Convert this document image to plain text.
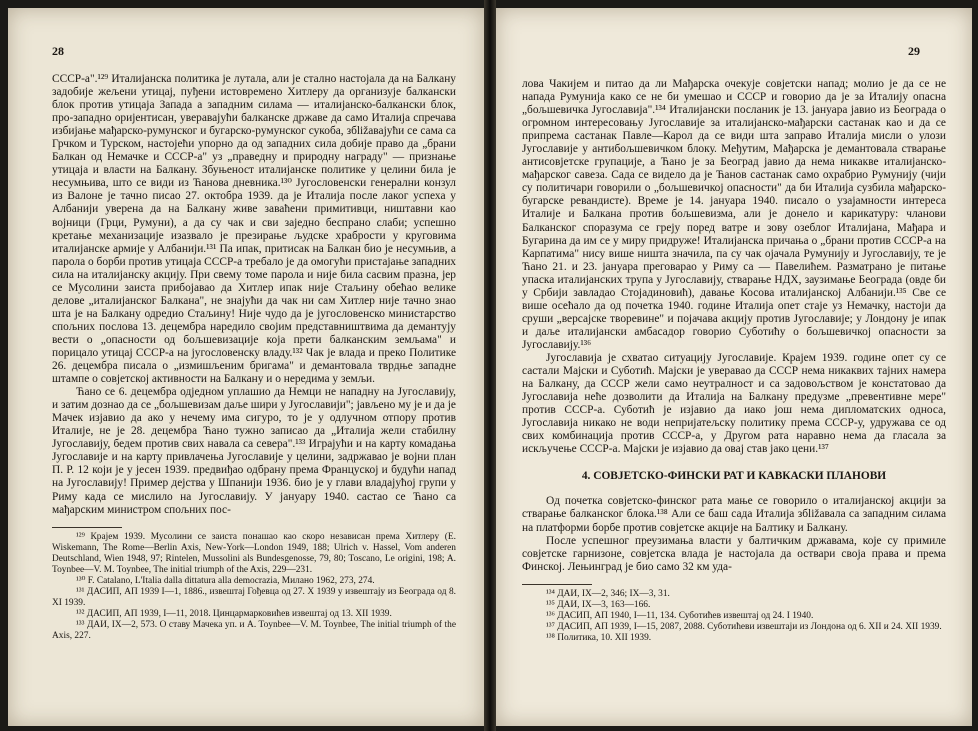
28

СССР-а".¹²⁹ Италијанска политика је лутала, али је стално настојала да на Балкану задобије жељени утицај, пуђени истовремено Хитлеру да организује балкански блок против утицаја Запада а западним силама — италијанско-балкански блок, про-западно оријентисан, уверавајући балканске државе да само Италија спречава избијање мађарско-румунског и бугарско-румунског сукоба, збližавајући се сама са Грчком и Турском, настојећи упорно да од западних сила добије право да „брани Балкан од Немачке и СССР-а" уз „праведну и природну награду" — признање утицаја и власти на Балкану. Збуњеност италијанске политике у целини била је несумњива, што се види из Ћанова дневника.¹³⁰ Југословенски генерални конзул из Валоне је тачно писао 27. октобра 1939. да је Италија после лаког успеха у Албанији уверена да на Балкану живе заваћени примитивци, ништавни као војници (Грци, Румуни), а да су чак и сви заједно беспрано слаби; успешно кретање механизације изазвало је презирање људске храбрости у круговима италијанске армије у Албанији.¹³¹ Па ипак, притисак на Балкан био је несумњив, а парола о борби против утицаја СССР-а требало је да омогући пристајање западних сила на италијанску акцију. При свему томе парола и није била сасвим празна, јер се Мусолини заиста прибојавао да Хитлер ипак није Стаљину обећао велике делове „италијанског Балкана", не знајући да чак ни сам Хитлер није тачно знао шта је на Балкану одредио Стаљину! Није чудо да је југословенско министарство спољних послова 13. децембра наредило својим представништвима да демантују вести о „опасности од бољшевизације која прети балканским земљама" и порицало утицај СССР-а на југословенску владу.¹³² Чак је влада и преко Политике 26. децембра писала о „измишљеним бригама" и демантовала тврдње западне штампе о совјетској активности на Балкану и о нередима у земљи.

Ћано се 6. децембра одједном уплашио да Немци не нападну на Југославију, и затим дознао да се „бољшевизам даље шири у Југославији"; јављено му је и да је Мачек изјавио да ако у нечему има сигуро, то је у одлучном отпору против Италије, не је 28. децембра Ћано тужно записао да „Италија жели стабилну Југославију, бедем против свих навала са севера".¹³³ Играјући и на карту комадања Југославије и на карту привлачења Југославије у целини, задржавао је војни план П. Р. 12 који је у јесен 1939. предвиђао одбрану према Француској и будући напад на Југославију! Пример дејства у Шпанији 1936. био је у глави владајућој групи у Риму када се мислило на Југославију. У јануару 1940. састао се Ћано са мађарским министром спољних пос-

¹²⁹ Крајем 1939. Мусолини се заиста понашао као скоро независан према Хитлеру (E. Wiskemann, The Rome—Berlin Axis, New-York—London 1949, 188; Ulrich v. Hassel, Vom anderen Deutschland, Wien 1948, 97; Rintelen, Mussolini als Bundesgenosse, 79, 80; Toscano, Le origini, 198; A. Toynbee—V. M. Toynbee, The initial triumph of the Axis, 229—231.

¹³⁰ F. Catalano, L'Italia dalla dittatura alla democrazia, Милано 1962, 273, 274.

¹³¹ ДАСИП, АП 1939 I—1, 1886., извештај Гођевца од 27. X 1939 у извештају из Београда од 8. XI 1939.

¹³² ДАСИП, АП 1939, I—11, 2018. Цинцармарковићев извештај од 13. XII 1939.

¹³³ ДАИ, IX—2, 573. О ставу Мачека уп. и A. Toynbee—V. M. Toynbee, The initial triumph of the Axis, 227.

29

лова Чакијем и питао да ли Мађарска очекује совјетски напад; молио је да се не напада Румунија како се не би умешао и СССР и говорио да је за Италију опасна „бољшевичка Југославија".¹³⁴ Италијански посланик је 13. јануара јавио из Београда о огромном интересовању Југославије за италијанско-мађарски састанак као и да се припрема састанак Павле—Карол да се види шта заправо Италија мисли о улози Југославије у антибољшевичком блоку. Међутим, Мађарска је демантовала стварање антисовјетске групације, а Ћано је за Београд јавио да нема никакве италијанско-мађарског савеза. Сада се видело да је Ћанов састанак само охрабрио Румунију (чији су политичари говорили о „бољшевичкој опасности" да би Италија сузбила мађарско-бугарске ревандисте). Време је 14. јануара 1940. писало о узајамности интереса Италије и Балкана против бољшевизма, али је донело и карикатуру: чланови Балканског споразума се греју поред ватре и зову озеблог Италијана, Мађара и Бугарина да им се у миру придруже! Италијанска причања о „брани против СССР-а на Карпатима" нису више ништа значила, па су чак ојачала Румунију и Југославију, те је Ћано 21. и 23. јануара преговарао у Риму са — Павелићем. Разматрано је питање упаска италијанских трупа у Југославију, стварање НДХ, заузимање Београда (овде би у Србији завладао Стојадиновић), давање Косова италијанској Албанији.¹³⁵ Све се више осећало да од почетка 1940. године Италија опет стаје уз Немачку, настоји да сруши „версајске творевине" и појачава акцију против Југославије; у Лондону је ипак и даље италијански амбасадор говорио Суботићу о бољшевичкој опасности за Југославију.¹³⁶

Југославија је схватао ситуацију Југославије. Крајем 1939. године опет су се састали Мајски и Суботић. Мајски је уверавао да СССР нема никаквих тајних намера на Балкану, да СССР жели само неутралност и са задовољством је констатовао да Југославија неће дозволити да Италија на Балкану предузме „превентивне мере" против СССР-а. Суботић је изјавио да иако још нема дипломатских односа, Југославија никако не води непријатељску политику према СССР-у, удружава се од свих комбинација против СССР-а, у Другом рата наравно нема да гласала за искључење СССР-а. Мајски је изјавио да овај став јако цени.¹³⁷

4. СОВЈЕТСКО-ФИНСКИ РАТ И КАВКАСКИ ПЛАНОВИ

Од почетка совјетско-финског рата мање се говорило о италијанској акцији за стварање балканског блока.¹³⁸ Али се баш сада Италија збližавала са западним силама на платформи борбе против совјетске акције на Балтику и Балкану.

После успешног преузимања власти у балтичким државама, које су примиле совјетске гарнизоне, совјетска влада је настојала да оствари своја права и према Финској. Лењинград је био само 32 км уда-

¹³⁴ ДАИ, IX—2, 346; IX—3, 31.

¹³⁵ ДАИ, IX—3, 163—166.

¹³⁶ ДАСИП, АП 1940, I—11, 134. Суботићев извештај од 24. I 1940.

¹³⁷ ДАСИП, АП 1939, I—15, 2087, 2088. Суботићеви извештаји из Лондона од 6. XII и 24. XII 1939.

¹³⁸ Политика, 10. XII 1939.
